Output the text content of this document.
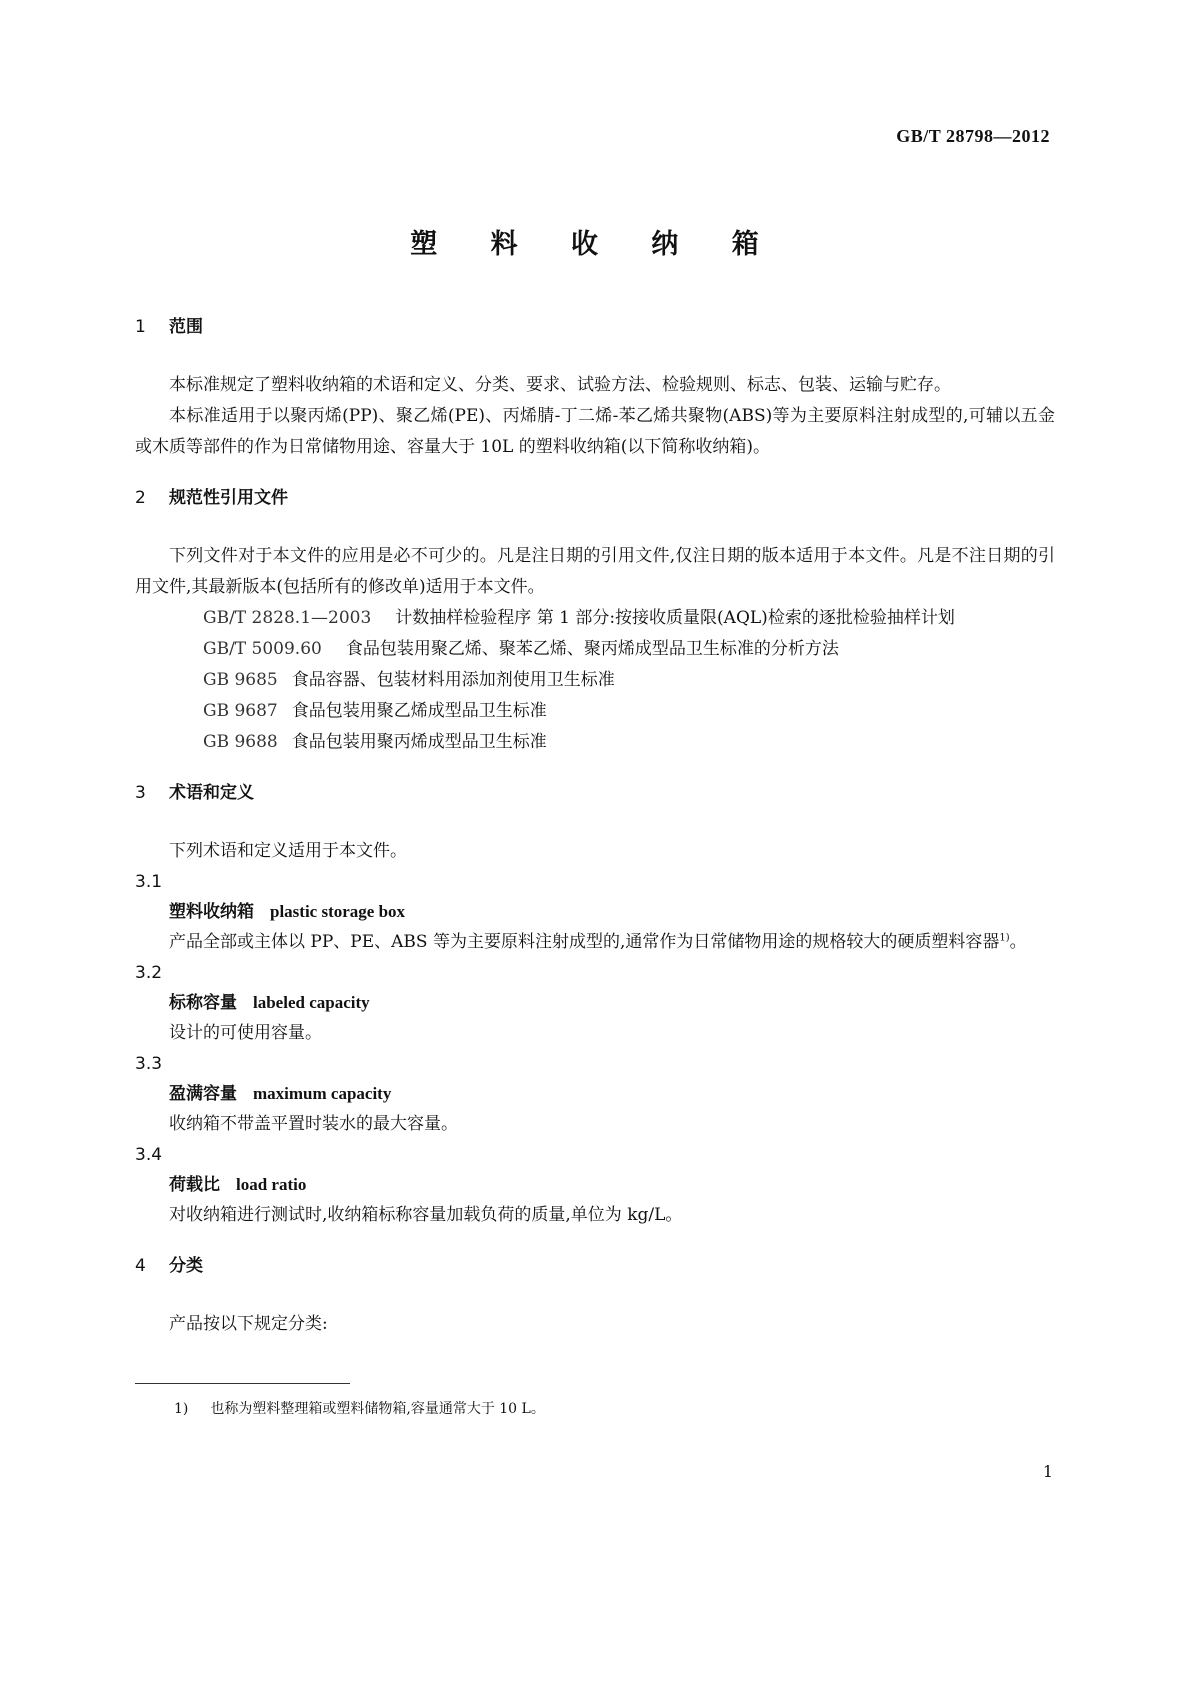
GB/T 28798—2012
塑 料 收 纳 箱

1 范围

本标准规定了塑料收纳箱的术语和定义、分类、要求、试验方法、检验规则、标志、包装、运输与贮存。

本标准适用于以聚丙烯(PP)、聚乙烯(PE)、丙烯腈-丁二烯-苯乙烯共聚物(ABS)等为主要原料注射成型的,可辅以五金或木质等部件的作为日常储物用途、容量大于 10L 的塑料收纳箱(以下简称收纳箱)。

2 规范性引用文件

下列文件对于本文件的应用是必不可少的。凡是注日期的引用文件,仅注日期的版本适用于本文件。凡是不注日期的引用文件,其最新版本(包括所有的修改单)适用于本文件。

GB/T 2828.1—2003 计数抽样检验程序 第 1 部分:按接收质量限(AQL)检索的逐批检验抽样计划

GB/T 5009.60 食品包装用聚乙烯、聚苯乙烯、聚丙烯成型品卫生标准的分析方法

GB 9685 食品容器、包装材料用添加剂使用卫生标准

GB 9687 食品包装用聚乙烯成型品卫生标准

GB 9688 食品包装用聚丙烯成型品卫生标准

3 术语和定义

下列术语和定义适用于本文件。

3.1

塑料收纳箱 plastic storage box

产品全部或主体以 PP、PE、ABS 等为主要原料注射成型的,通常作为日常储物用途的规格较大的硬质塑料容器$^{1)}$。

3.2

标称容量 labeled capacity

设计的可使用容量。

3.3

盈满容量 maximum capacity

收纳箱不带盖平置时装水的最大容量。

3.4

荷载比 load ratio

对收纳箱进行测试时,收纳箱标称容量加载负荷的质量,单位为 kg/L。

4 分类

产品按以下规定分类:

1) 也称为塑料整理箱或塑料储物箱,容量通常大于 10 L。
1
